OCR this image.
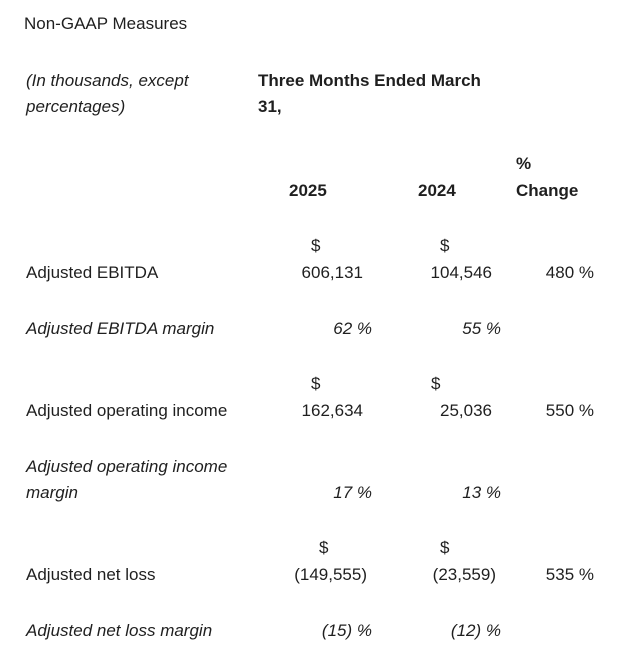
Non-GAAP Measures
(In thousands, except percentages)
Three Months Ended March 31,
%
2025	2024	Change
$	$
Adjusted EBITDA	606,131	104,546	480 %
Adjusted EBITDA margin	62 %	55 %
$	$
Adjusted operating income	162,634	25,036	550 %
Adjusted operating income margin	17 %	13 %
$	$
Adjusted net loss	(149,555)	(23,559)	535 %
Adjusted net loss margin	(15) %	(12) %
